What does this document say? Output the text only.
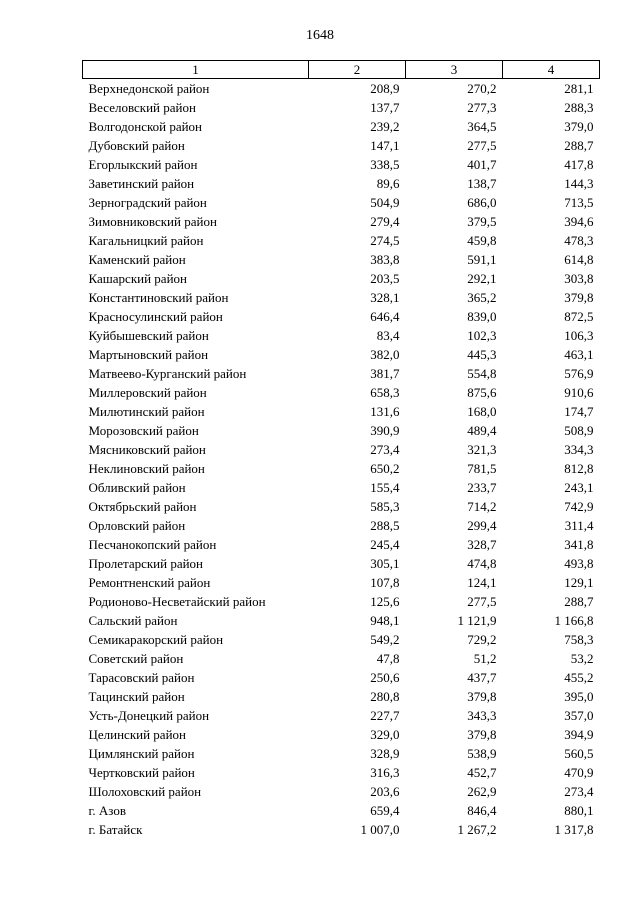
1648
1	2	3	4
Верхнедонской район	208,9	270,2	281,1
Веселовский район	137,7	277,3	288,3
Волгодонской район	239,2	364,5	379,0
Дубовский район	147,1	277,5	288,7
Егорлыкский район	338,5	401,7	417,8
Заветинский район	89,6	138,7	144,3
Зерноградский район	504,9	686,0	713,5
Зимовниковский район	279,4	379,5	394,6
Кагальницкий район	274,5	459,8	478,3
Каменский район	383,8	591,1	614,8
Кашарский район	203,5	292,1	303,8
Константиновский район	328,1	365,2	379,8
Красносулинский район	646,4	839,0	872,5
Куйбышевский район	83,4	102,3	106,3
Мартыновский район	382,0	445,3	463,1
Матвеево-Курганский район	381,7	554,8	576,9
Миллеровский район	658,3	875,6	910,6
Милютинский район	131,6	168,0	174,7
Морозовский район	390,9	489,4	508,9
Мясниковский район	273,4	321,3	334,3
Неклиновский район	650,2	781,5	812,8
Обливский район	155,4	233,7	243,1
Октябрьский район	585,3	714,2	742,9
Орловский район	288,5	299,4	311,4
Песчанокопский район	245,4	328,7	341,8
Пролетарский район	305,1	474,8	493,8
Ремонтненский район	107,8	124,1	129,1
Родионово-Несветайский район	125,6	277,5	288,7
Сальский район	948,1	1 121,9	1 166,8
Семикаракорский район	549,2	729,2	758,3
Советский район	47,8	51,2	53,2
Тарасовский район	250,6	437,7	455,2
Тацинский район	280,8	379,8	395,0
Усть-Донецкий район	227,7	343,3	357,0
Целинский район	329,0	379,8	394,9
Цимлянский район	328,9	538,9	560,5
Чертковский район	316,3	452,7	470,9
Шолоховский район	203,6	262,9	273,4
г. Азов	659,4	846,4	880,1
г. Батайск	1 007,0	1 267,2	1 317,8
